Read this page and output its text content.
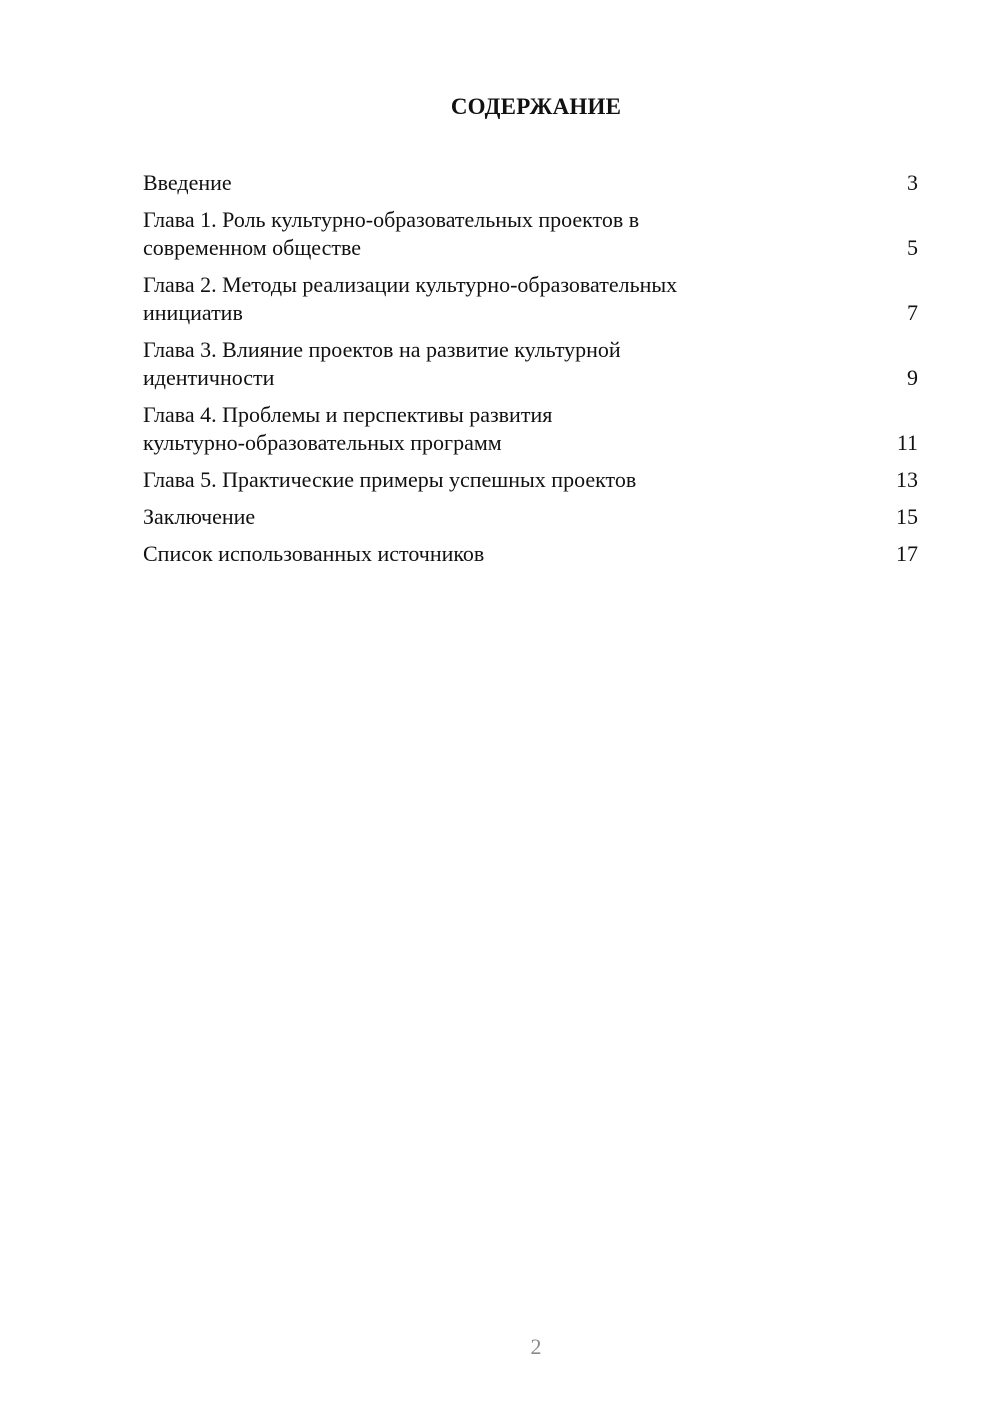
СОДЕРЖАНИЕ
Введение	3
Глава 1. Роль культурно-образовательных проектов в
современном обществе	5
Глава 2. Методы реализации культурно-образовательных
инициатив	7
Глава 3. Влияние проектов на развитие культурной
идентичности	9
Глава 4. Проблемы и перспективы развития
культурно-образовательных программ	11
Глава 5. Практические примеры успешных проектов	13
Заключение	15
Список использованных источников	17
2
